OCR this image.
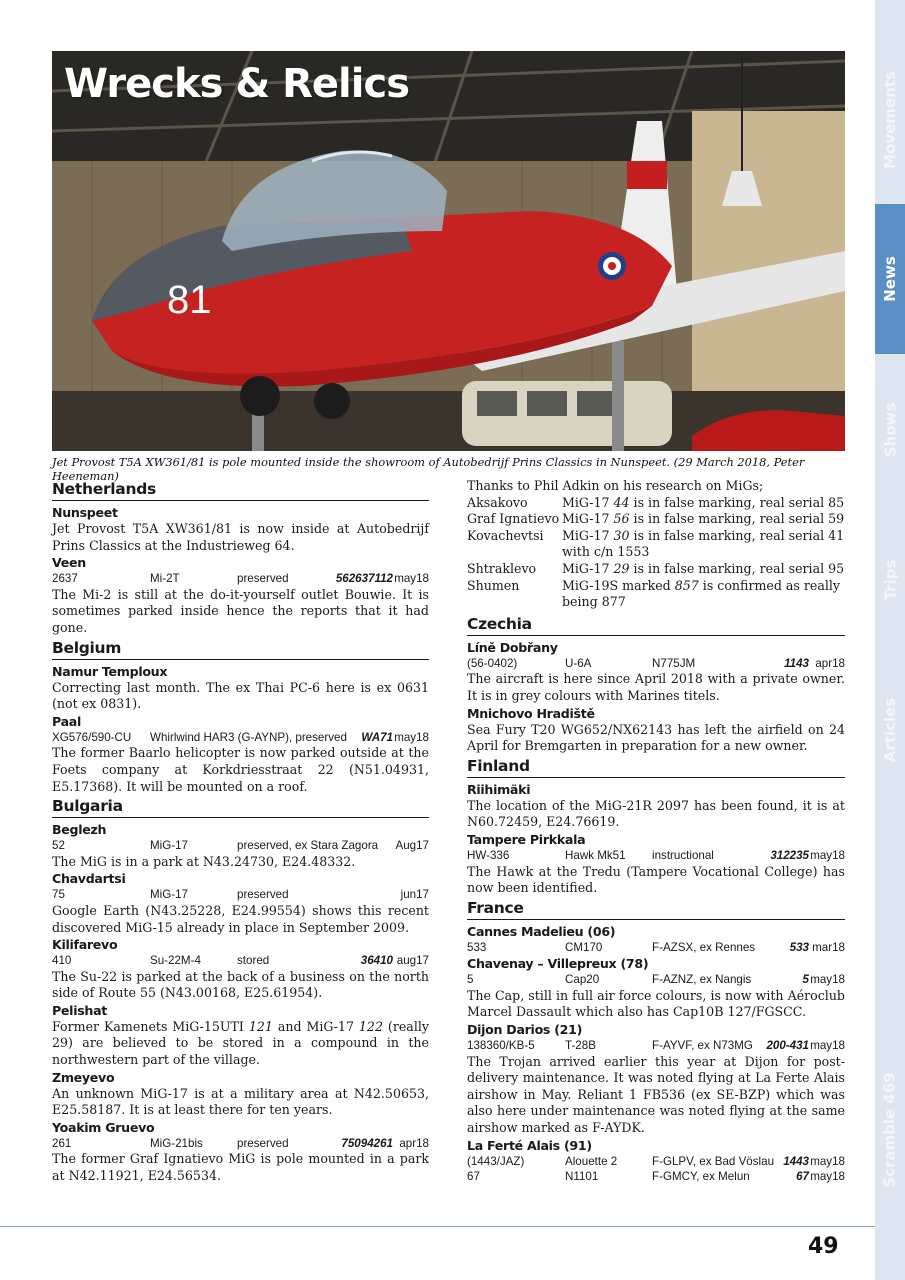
81
Wrecks & Relics
Jet Provost T5A XW361/81 is pole mounted inside the showroom of Autobedrijf Prins Classics in Nunspeet. (29 March 2018, Peter Heeneman)
Movements
News
Shows
Trips
Articles
Scramble 469
Netherlands
Nunspeet

Jet Provost T5A XW361/81 is now inside at Autobedrijf Prins Classics at the Industrieweg 64.

Veen
2637	Mi-2T	preserved	562637112 may18

The Mi-2 is still at the do-it-yourself outlet Bouwie. It is sometimes parked inside hence the reports that it had gone.

Belgium
Namur Temploux

Correcting last month. The ex Thai PC-6 here is ex 0631 (not ex 0831).

Paal
XG576/590-CU	Whirlwind HAR3 (G-AYNP), preserved	WA71 may18

The former Baarlo helicopter is now parked outside at the Foets company at Korkdriesstraat 22 (N51.04931, E5.17368). It will be mounted on a roof.

Bulgaria
Beglezh
52	MiG-17	preserved, ex Stara Zagora	Aug17

The MiG is in a park at N43.24730, E24.48332.

Chavdartsi
75	MiG-17	preserved	jun17

Google Earth (N43.25228, E24.99554) shows this recent discovered MiG-15 already in place in September 2009.

Kilifarevo
410	Su-22M-4	stored	36410 aug17

The Su-22 is parked at the back of a business on the north side of Route 55 (N43.00168, E25.61954).

Pelishat

Former Kamenets MiG-15UTI 121 and MiG-17 122 (really 29) are believed to be stored in a compound in the northwestern part of the village.

Zmeyevo

An unknown MiG-17 is at a military area at N42.50653, E25.58187. It is at least there for ten years.

Yoakim Gruevo
261	MiG-21bis	preserved	75094261 apr18

The former Graf Ignatievo MiG is pole mounted in a park at N42.11921, E24.56534.

Thanks to Phil Adkin on his research on MiGs;

Aksakovo	MiG-17 44 is in false marking, real serial 85
Graf Ignatievo MiG-17 56 is in false marking, real serial 59
Kovachevtsi	MiG-17 30 is in false marking, real serial 41 with c/n 1553
Shtraklevo	MiG-17 29 is in false marking, real serial 95
Shumen	MiG-19S marked 857 is confirmed as really being 877
Czechia
Líně Dobřany
(56-0402)	U-6A	N775JM	1143 apr18

The aircraft is here since April 2018 with a private owner. It is in grey colours with Marines titels.

Mnichovo Hradiště

Sea Fury T20 WG652/NX62143 has left the airfield on 24 April for Bremgarten in preparation for a new owner.

Finland
Riihimäki

The location of the MiG-21R 2097 has been found, it is at N60.72459, E24.76619.

Tampere Pirkkala
HW-336	Hawk Mk51	instructional	312235 may18

The Hawk at the Tredu (Tampere Vocational College) has now been identified.

France
Cannes Madelieu (06)
533	CM170	F-AZSX, ex Rennes	533 mar18
Chavenay – Villepreux (78)
5	Cap20	F-AZNZ, ex Nangis	5 may18

The Cap, still in full air force colours, is now with Aéroclub Marcel Dassault which also has Cap10B 127/FGSCC.

Dijon Darios (21)
138360/KB-5	T-28B	F-AYVF, ex N73MG	200-431 may18

The Trojan arrived earlier this year at Dijon for post- delivery maintenance. It was noted flying at La Ferte Alais airshow in May. Reliant 1 FB536 (ex SE-BZP) which was also here under maintenance was noted flying at the same airshow marked as F-AYDK.

La Ferté Alais (91)
(1443/JAZ)	Alouette 2	F-GLPV, ex Bad Vöslau 1443 may18
67	N1101	F-GMCY, ex Melun	67 may18
49
